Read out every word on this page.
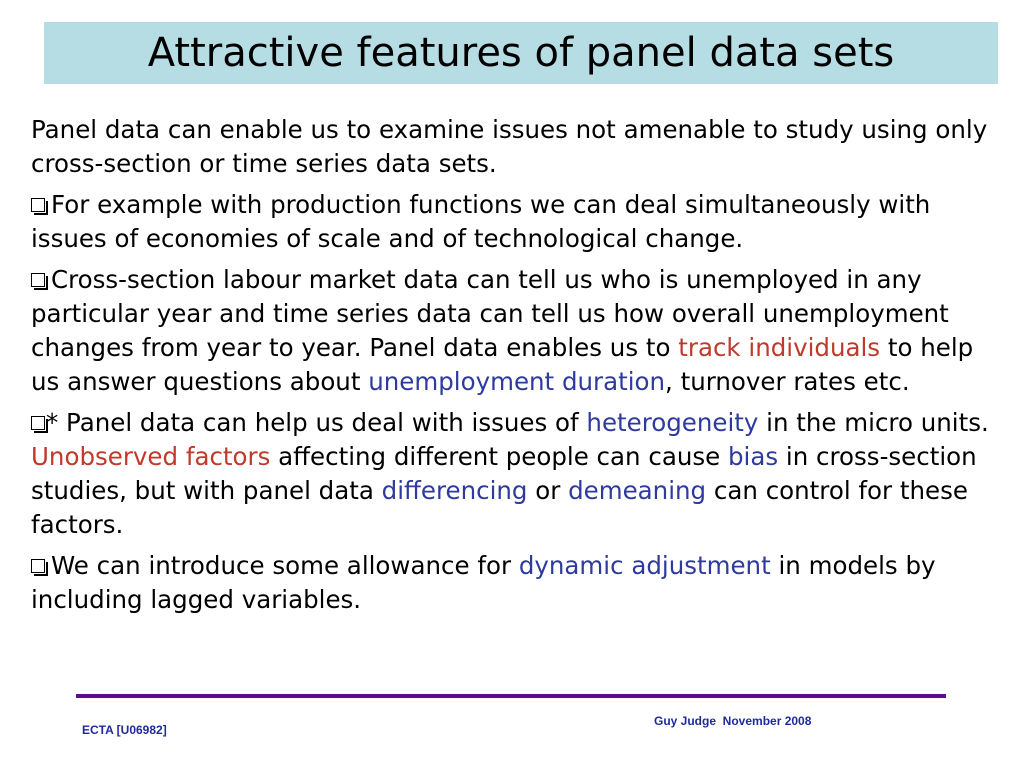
Attractive features of panel data sets

Panel data can enable us to examine issues not amenable to study using only cross-section or time series data sets.

For example with production functions we can deal simultaneously with issues of economies of scale and of technological change.

Cross-section labour market data can tell us who is unemployed in any particular year and time series data can tell us how overall unemployment changes from year to year. Panel data enables us to track individuals to help us answer questions about unemployment duration, turnover rates etc.

* Panel data can help us deal with issues of heterogeneity in the micro units. Unobserved factors affecting different people can cause bias in cross-section studies, but with panel data differencing or demeaning can control for these factors.

We can introduce some allowance for dynamic adjustment in models by including lagged variables.

Guy Judge  November 2008
ECTA [U06982]
